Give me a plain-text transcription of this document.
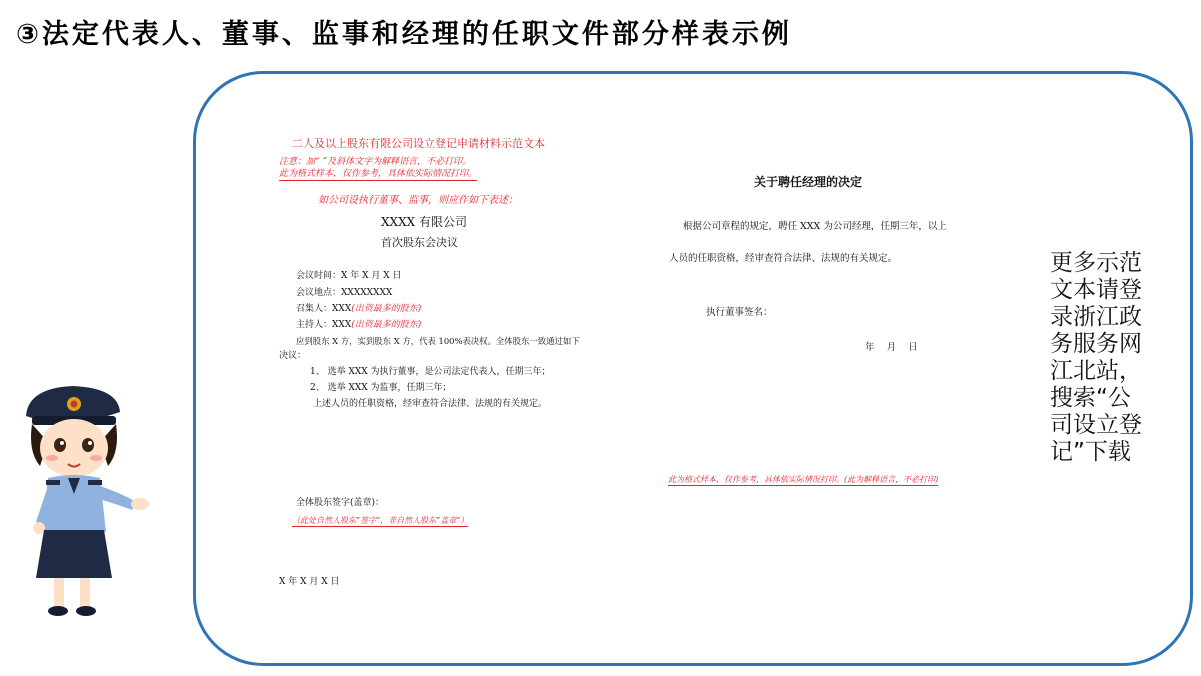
③法定代表人、董事、监事和经理的任职文件部分样表示例
二人及以上股东有限公司设立登记申请材料示范文本
注意：加“ ”及斜体文字为解释语言，不必打印。
此为格式样本，仅作参考，具体依实际情况打印。
如公司设执行董事、监事，则应作如下表述：
XXXX 有限公司
首次股东会决议
会议时间：X 年 X 月 X 日
会议地点：XXXXXXXX
召集人：XXX(出资最多的股东)
主持人：XXX(出资最多的股东)
应到股东 X 方，实到股东 X 方，代表 100%表决权。全体股东一致通过如下
决议：
1、 选举 XXX 为执行董事，是公司法定代表人，任期三年；
2、 选举 XXX 为监事，任期三年；
上述人员的任职资格，经审查符合法律、法规的有关规定。
全体股东签字(盖章)：
（此处自然人股东“签字”，非自然人股东“盖章”）
X 年 X 月 X 日
关于聘任经理的决定
根据公司章程的规定，聘任 XXX 为公司经理，任期三年，以上
人员的任职资格，经审查符合法律、法规的有关规定。
执行董事签名：
年    月    日
此为格式样本，仅作参考，具体依实际情况打印。(此为解释语言，不必打印)
更多示范文本请登录浙江政务服务网江北站，搜索“公司设立登记”下载
